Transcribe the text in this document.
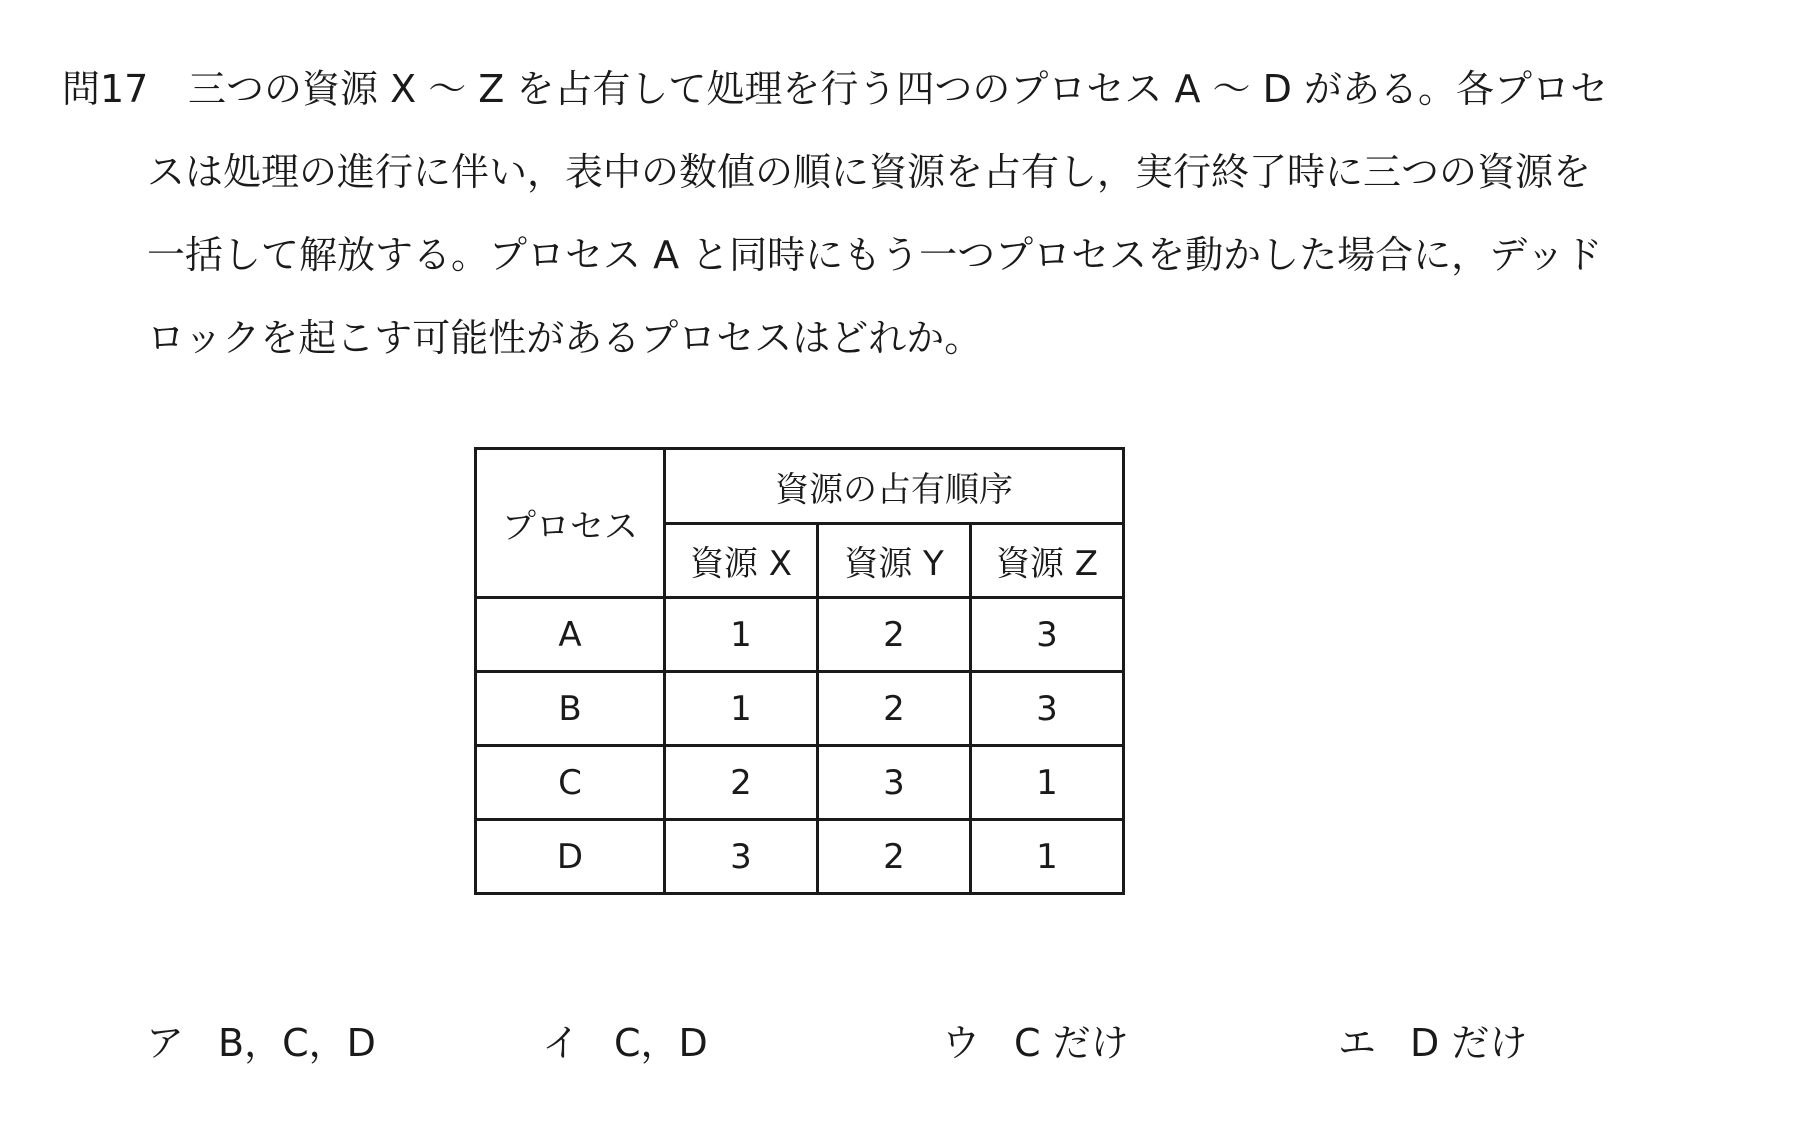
問17	三つの資源 X ～ Z を占有して処理を行う四つのプロセス A ～ D がある。各プロセ
スは処理の進行に伴い，表中の数値の順に資源を占有し，実行終了時に三つの資源を
一括して解放する。プロセス A と同時にもう一つプロセスを動かした場合に，デッド
ロックを起こす可能性があるプロセスはどれか。
プロセス	資源の占有順序		
	資源 X	資源 Y	資源 Z
A	1	2	3
B	1	2	3
C	2	3	1
D	3	2	1
ア B，C，D	イ C，D	ウ C だけ	エ D だけ
